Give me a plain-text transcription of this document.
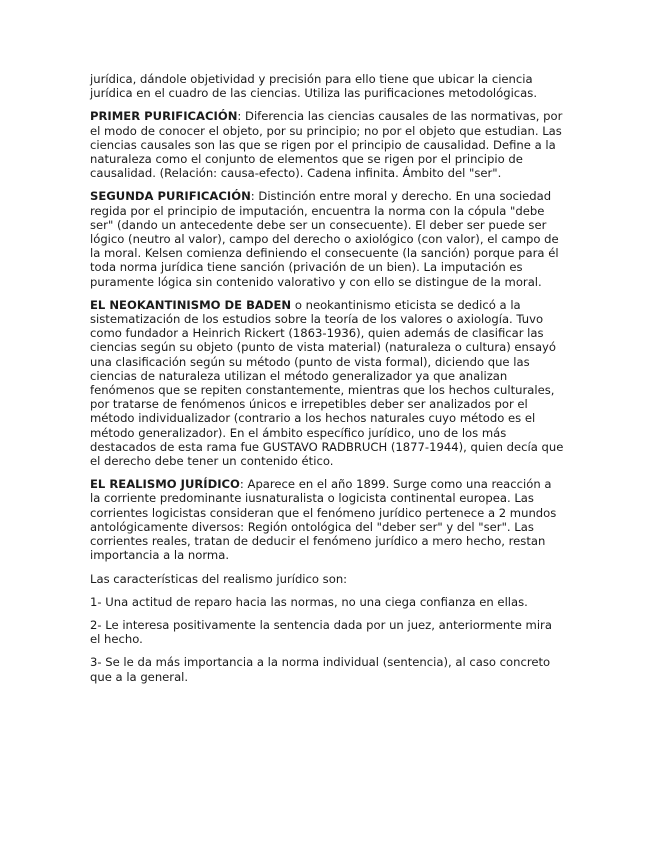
jurídica, dándole objetividad y precisión para ello tiene que ubicar la ciencia jurídica en el cuadro de las ciencias. Utiliza las purificaciones metodológicas.

PRIMER PURIFICACIÓN: Diferencia las ciencias causales de las normativas, por el modo de conocer el objeto, por su principio; no por el objeto que estudian. Las ciencias causales son las que se rigen por el principio de causalidad. Define a la naturaleza como el conjunto de elementos que se rigen por el principio de causalidad. (Relación: causa-efecto). Cadena infinita. Ámbito del "ser".

SEGUNDA PURIFICACIÓN: Distinción entre moral y derecho. En una sociedad regida por el principio de imputación, encuentra la norma con la cópula "debe ser" (dando un antecedente debe ser un consecuente). El deber ser puede ser lógico (neutro al valor), campo del derecho o axiológico (con valor), el campo de la moral. Kelsen comienza definiendo el consecuente (la sanción) porque para él toda norma jurídica tiene sanción (privación de un bien). La imputación es puramente lógica sin contenido valorativo y con ello se distingue de la moral.

EL NEOKANTINISMO DE BADEN o neokantinismo eticista se dedicó a la sistematización de los estudios sobre la teoría de los valores o axiología. Tuvo como fundador a Heinrich Rickert (1863-1936), quien además de clasificar las ciencias según su objeto (punto de vista material) (naturaleza o cultura) ensayó una clasificación según su método (punto de vista formal), diciendo que las ciencias de naturaleza utilizan el método generalizador ya que analizan fenómenos que se repiten constantemente, mientras que los hechos culturales, por tratarse de fenómenos únicos e irrepetibles deber ser analizados por el método individualizador (contrario a los hechos naturales cuyo método es el método generalizador). En el ámbito específico jurídico, uno de los más destacados de esta rama fue GUSTAVO RADBRUCH (1877-1944), quien decía que el derecho debe tener un contenido ético.

EL REALISMO JURÍDICO: Aparece en el año 1899. Surge como una reacción a la corriente predominante iusnaturalista o logicista continental europea. Las corrientes logicistas consideran que el fenómeno jurídico pertenece a 2 mundos antológicamente diversos: Región ontológica del "deber ser" y del "ser". Las corrientes reales, tratan de deducir el fenómeno jurídico a mero hecho, restan importancia a la norma.

Las características del realismo jurídico son:

1- Una actitud de reparo hacia las normas, no una ciega confianza en ellas.

2- Le interesa positivamente la sentencia dada por un juez, anteriormente mira el hecho.

3- Se le da más importancia a la norma individual (sentencia), al caso concreto que a la general.
